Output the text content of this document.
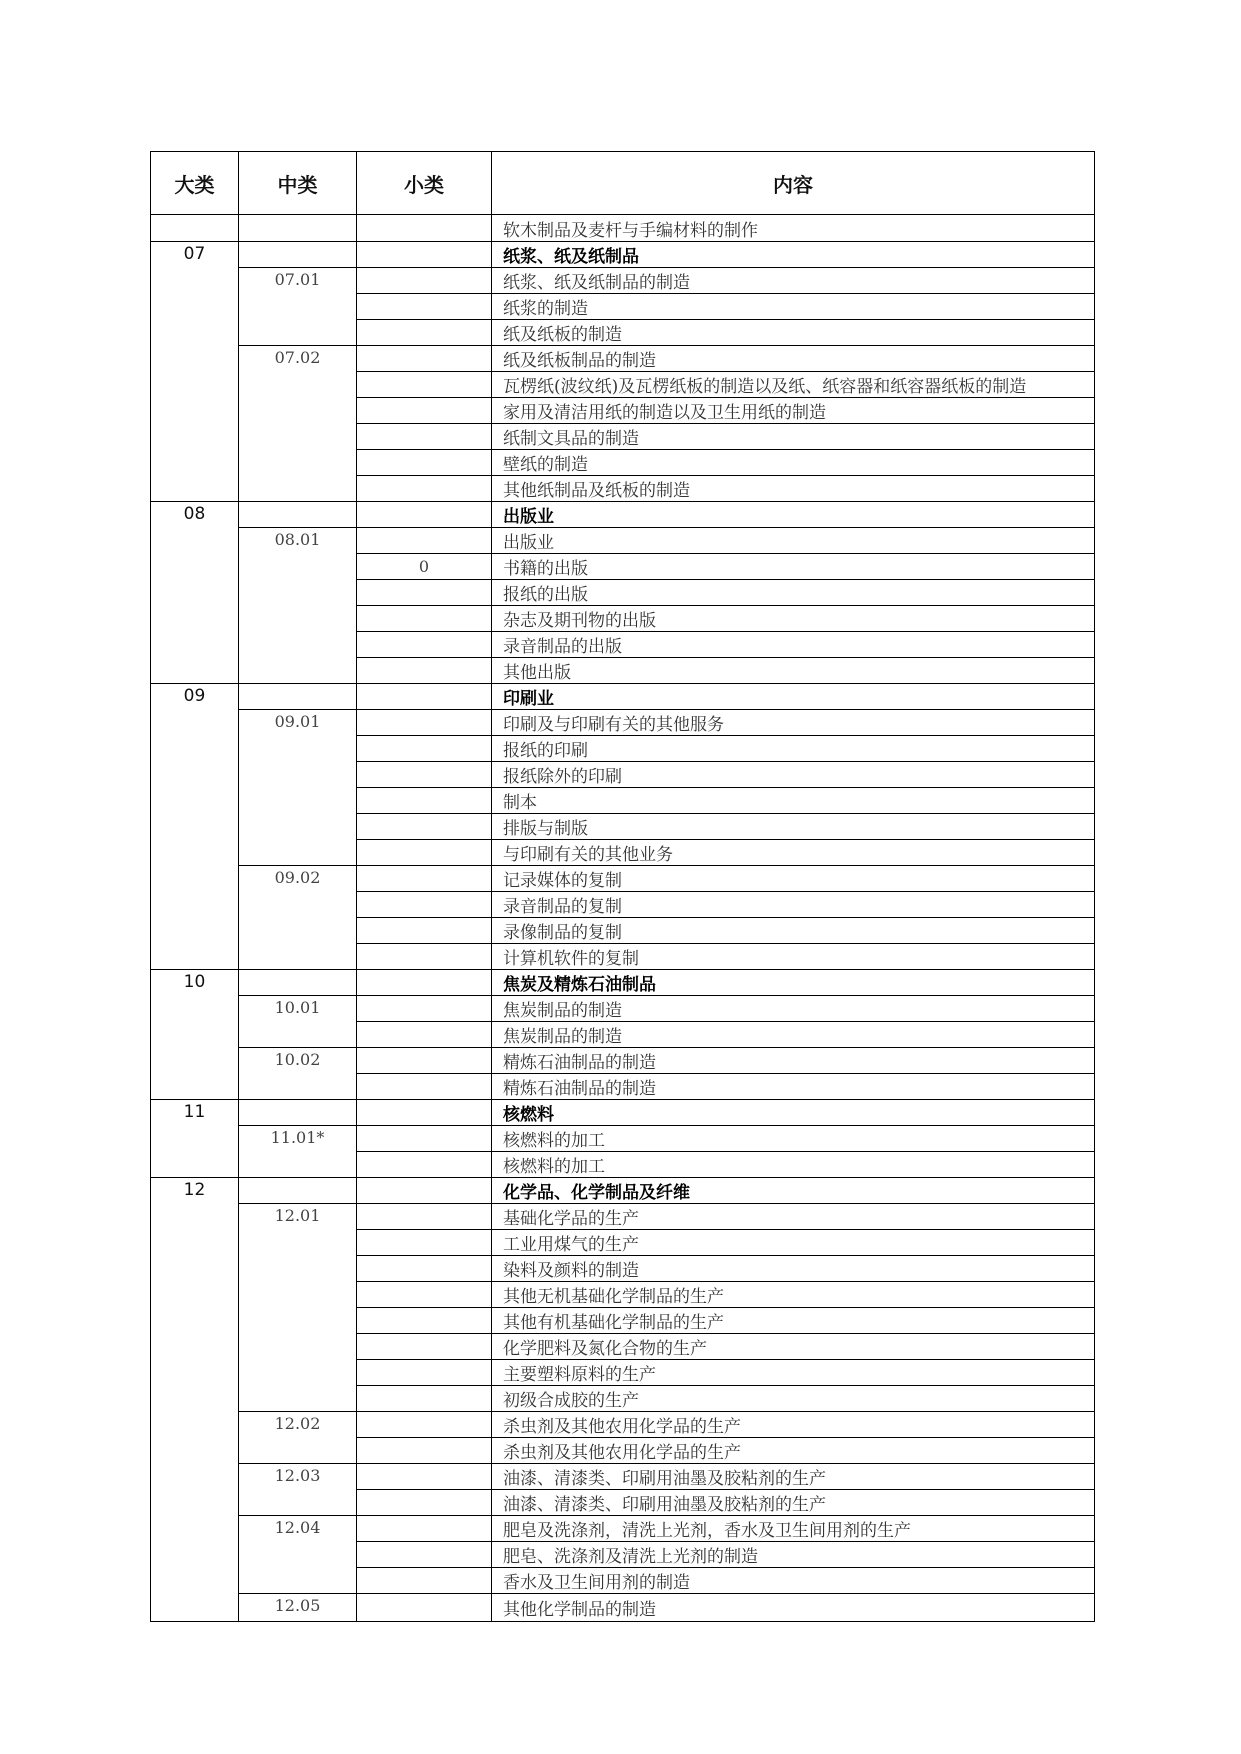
大类	中类	小类	内容
			软木制品及麦杆与手编材料的制作
07			纸浆、纸及纸制品
	07.01		纸浆、纸及纸制品的制造
			纸浆的制造
			纸及纸板的制造
	07.02		纸及纸板制品的制造
			瓦楞纸(波纹纸)及瓦楞纸板的制造以及纸、纸容器和纸容器纸板的制造
			家用及清洁用纸的制造以及卫生用纸的制造
			纸制文具品的制造
			壁纸的制造
			其他纸制品及纸板的制造
08			出版业
	08.01		出版业
		0	书籍的出版
			报纸的出版
			杂志及期刊物的出版
			录音制品的出版
			其他出版
09			印刷业
	09.01		印刷及与印刷有关的其他服务
			报纸的印刷
			报纸除外的印刷
			制本
			排版与制版
			与印刷有关的其他业务
	09.02		记录媒体的复制
			录音制品的复制
			录像制品的复制
			计算机软件的复制
10			焦炭及精炼石油制品
	10.01		焦炭制品的制造
			焦炭制品的制造
	10.02		精炼石油制品的制造
			精炼石油制品的制造
11			核燃料
	11.01*		核燃料的加工
			核燃料的加工
12			化学品、化学制品及纤维
	12.01		基础化学品的生产
			工业用煤气的生产
			染料及颜料的制造
			其他无机基础化学制品的生产
			其他有机基础化学制品的生产
			化学肥料及氮化合物的生产
			主要塑料原料的生产
			初级合成胶的生产
	12.02		杀虫剂及其他农用化学品的生产
			杀虫剂及其他农用化学品的生产
	12.03		油漆、清漆类、印刷用油墨及胶粘剂的生产
			油漆、清漆类、印刷用油墨及胶粘剂的生产
	12.04		肥皂及洗涤剂，清洗上光剂，香水及卫生间用剂的生产
			肥皂、洗涤剂及清洗上光剂的制造
			香水及卫生间用剂的制造
	12.05		其他化学制品的制造
